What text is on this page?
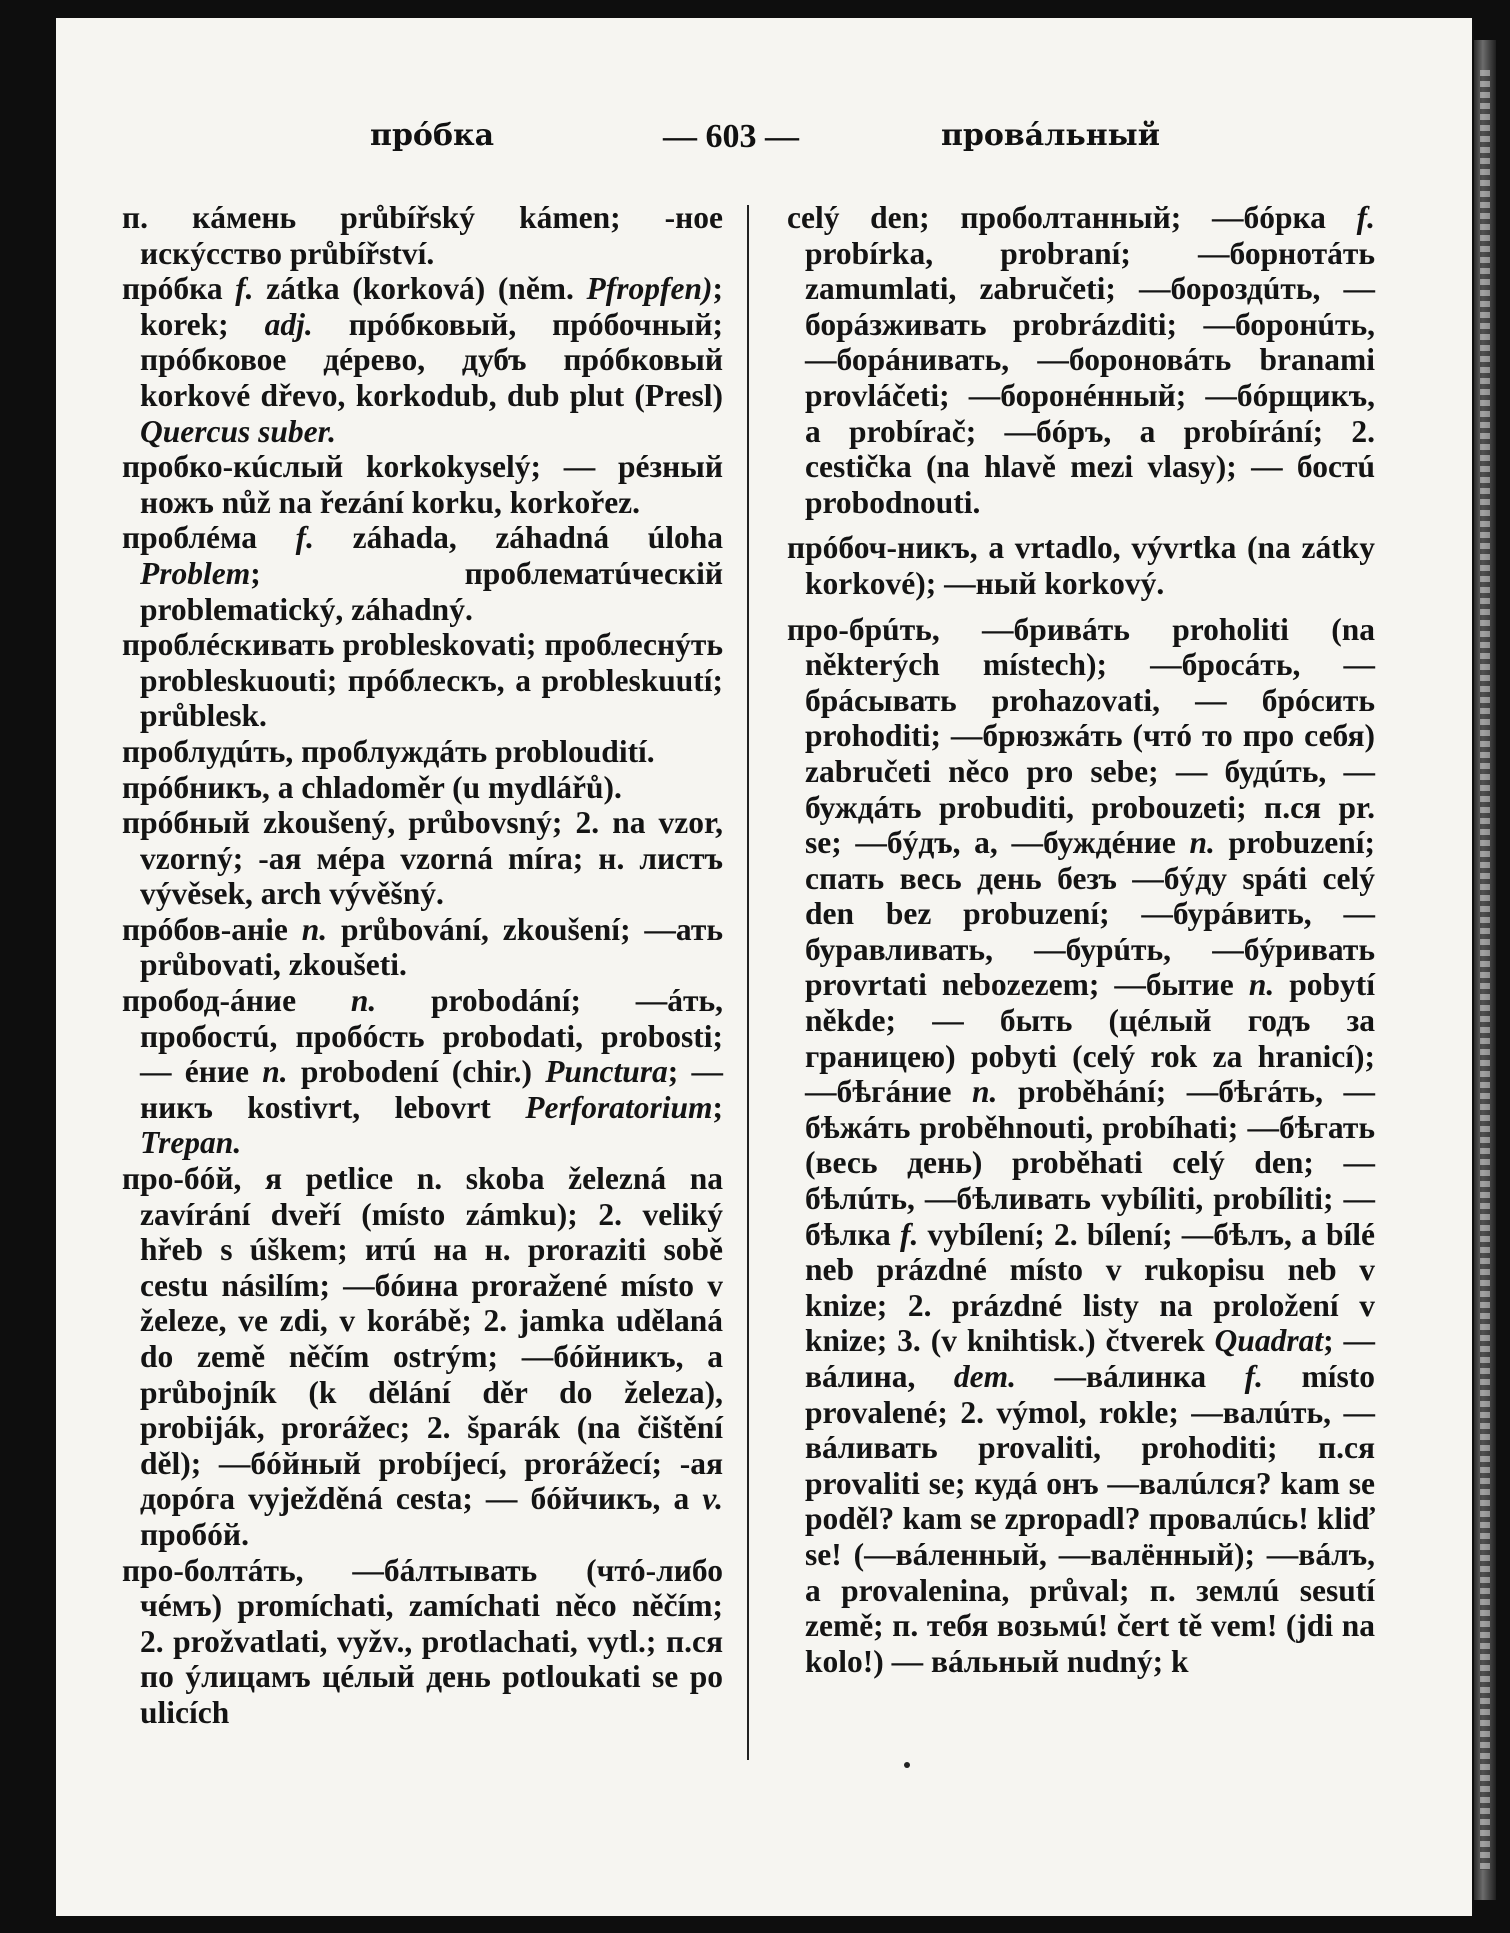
прóбка	— 603 —	провáльный
п. кáмень průbířský kámen; -ное искýсство průbířství.
прóбка f. zátka (korková) (něm. Pfropfen); korek; adj. прóбковый, прóбочный; прóбковое дéрево, дубъ прóбковый korkové dřevo, korkodub, dub plut (Presl) Quercus suber.
пробко-кúслый korkokyselý; — рéзный ножъ nůž na řezání korku, korkořez.
проблéма f. záhada, záhadná úloha Problem; проблематúческій problematický, záhadný.
проблéскивать probleskovati; проблеснýть probleskuouti; прóблескъ, a probleskuutí; průblesk.
проблудúть, проблуждáть probloudití.
прóбникъ, a chladoměr (u mydlářů).
прóбный zkoušený, průbovsný; 2. na vzor, vzorný; -ая мéра vzorná míra; н. листъ vývěsek, arch vývěšný.
прóбов-aнie n. průbování, zkoušení; —ать průbovati, zkoušeti.
прoбод-áние n. probodání; —áть, пробостú, пробóсть probodati, probosti; — éние n. probodení (chir.) Punctura; —никъ kostivrt, lebovrt Perforatorium; Trepan.
про-бóй, я petlice n. skoba železná na zavírání dveří (místo zámku); 2. veliký hřeb s úškem; итú на н. proraziti sobě cestu násilím; —бóина proražené místo v železe, ve zdi, v korábě; 2. jamka udělaná do země něčím ostrým; —бóйникъ, a průbojník (k dělání děr do železa), probiják, prorážec; 2. šparák (na čištění děl); —бóйный probíjecí, prorážecí; -ая дорóга vyježděná cesta; — бóйчикъ, a v. пробóй.
про-болтáть, —бáлтывать (чтó-либо чéмъ) promíchati, zamíchati něco něčím; 2. prožvatlati, vyžv., protlachati, vytl.; п.ся по ýлицамъ цéлый день potloukati se po ulicích
celý den; проболтанный; —бóрка f. probírka, probraní; —борнотáть zamumlati, zabručeti; —бороздúть, — борáзживать probrázditi; —боронúть, —борáнивать, —бороновáть branami provláčeti; —боронéнный; —бóрщикъ, a probírač; —бóръ, a probírání; 2. cestička (na hlavě mezi vlasy); — бостú probodnouti.
прóбоч-никъ, a vrtadlo, vývrtka (na zátky korkové); —ный korkový.
про-брúть, —бривáть proholiti (na některých místech); —бросáть, —брáсывать prohazovati, — брóсить prohoditi; —брюзжáть (чтó то про себя) zabručeti něco pro sebe; — будúть, — буждáть probuditi, probouzeti; п.ся pr. se; —бýдъ, a, —буждéние n. probuzení; спать весь день безъ —бýду spáti celý den bez probuzení; —бурáвить, —буравливать, —бурúть, —бýривать provrtati nebozezem; —бытие n. pobytí někde; — быть (цéлый годъ за границею) pobyti (celý rok za hranicí); —бѣгáние n. proběhání; —бѣгáть, —бѣжáть proběhnouti, probíhati; —бѣгать (весь день) proběhati celý den; —бѣлúть, —бѣливать vybíliti, probíliti; —бѣлка f. vybílení; 2. bílení; —бѣлъ, a bílé neb prázdné místo v rukopisu neb v knize; 2. prázdné listy na proložení v knize; 3. (v knihtisk.) čtverek Quadrat; —вáлина, dem. —вáлинка f. místo provalené; 2. výmol, rokle; —валúть, —вáливать provaliti, prohoditi; п.ся provaliti se; кудá онъ —валúлся? kam se poděl? kam se zpropadl? провалúсь! kliď se! (—вáленный, —валённый); —вáлъ, a provalenina, průval; п. землú sesutí země; п. тебя возьмú! čert tě vem! (jdi na kolo!) — вáльный nudný; k
